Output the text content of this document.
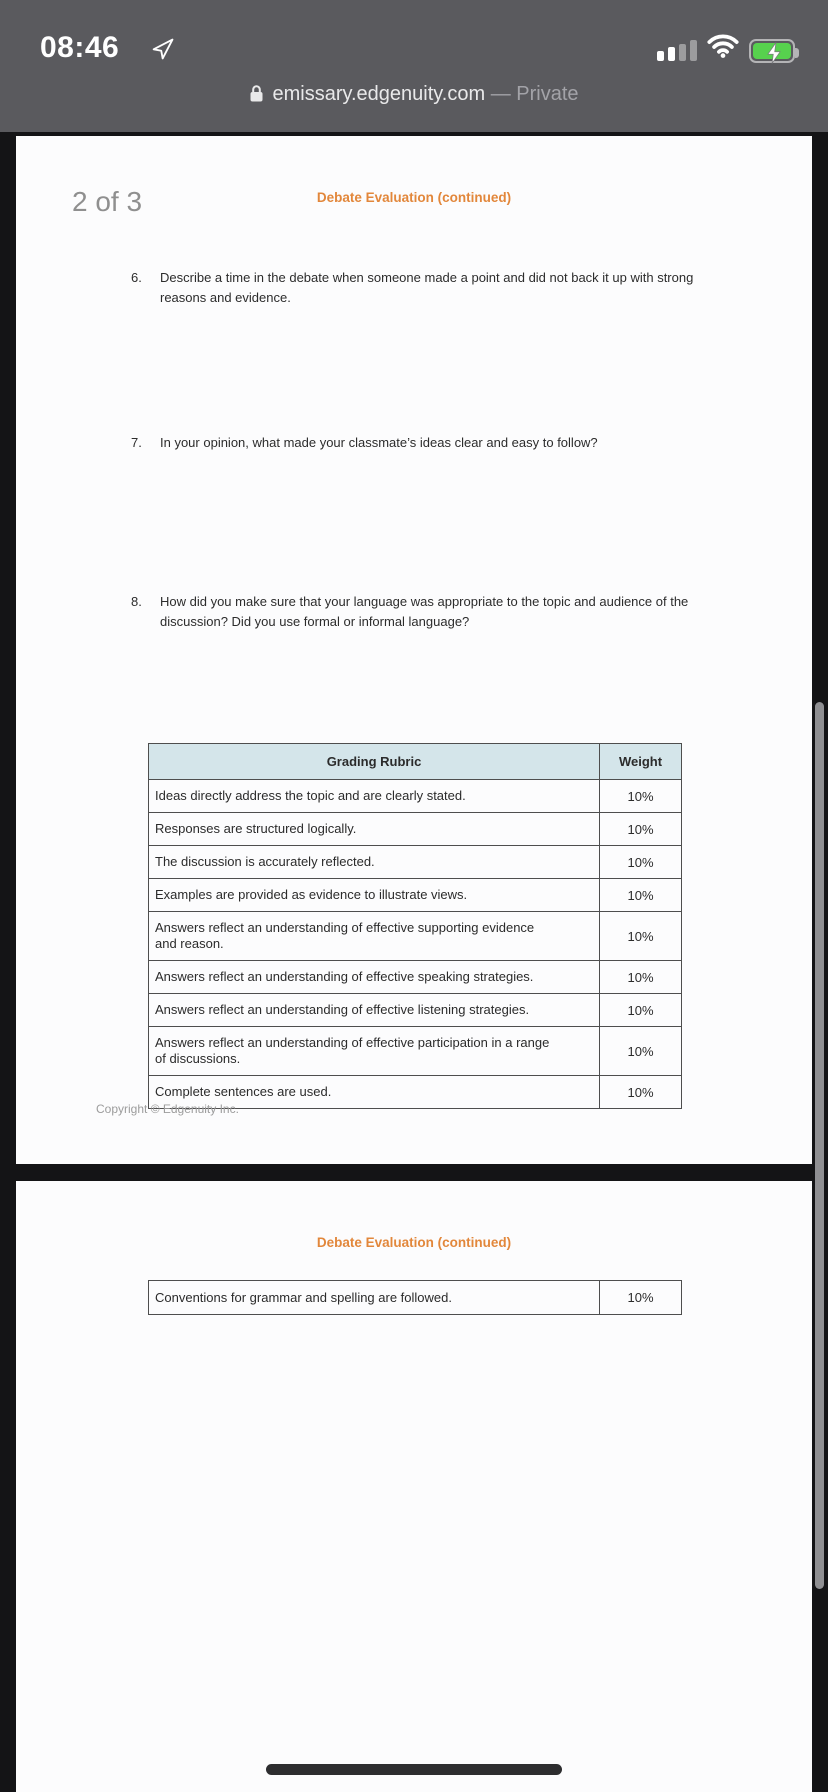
08:46
emissary.edgenuity.com — Private
2 of 3	Debate Evaluation (continued)
6.	Describe a time in the debate when someone made a point and did not back it up with strong reasons and evidence.
7.	In your opinion, what made your classmate’s ideas clear and easy to follow?
8.	How did you make sure that your language was appropriate to the topic and audience of the discussion? Did you use formal or informal language?
Grading Rubric	Weight
Ideas directly address the topic and are clearly stated.	10%
Responses are structured logically.	10%
The discussion is accurately reflected.	10%
Examples are provided as evidence to illustrate views.	10%
Answers reflect an understanding of effective supporting evidence and reason.	10%
Answers reflect an understanding of effective speaking strategies.	10%
Answers reflect an understanding of effective listening strategies.	10%
Answers reflect an understanding of effective participation in a range of discussions.	10%
Complete sentences are used.	10%
Copyright © Edgenuity Inc.
Debate Evaluation (continued)
Conventions for grammar and spelling are followed.	10%
